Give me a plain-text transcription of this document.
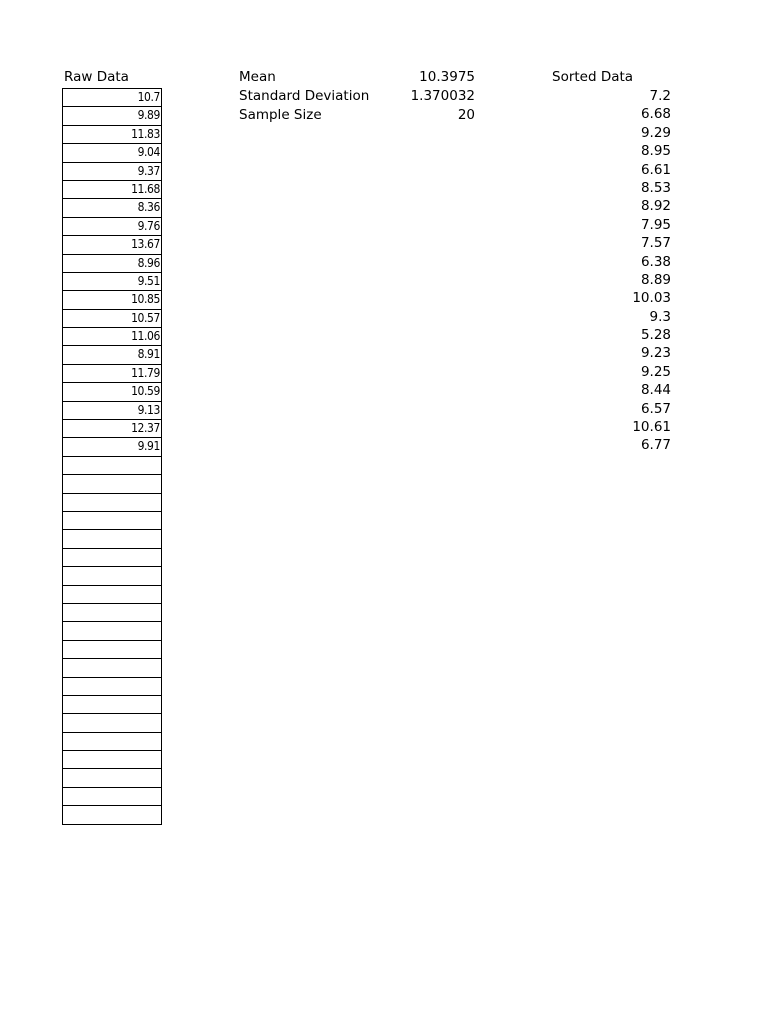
Raw Data
10.7
9.89
11.83
9.04
9.37
11.68
8.36
9.76
13.67
8.96
9.51
10.85
10.57
11.06
8.91
11.79
10.59
9.13
12.37
9.91
Mean	10.3975
Standard Deviation	1.370032
Sample Size	20
Sorted Data
7.2
6.68
9.29
8.95
6.61
8.53
8.92
7.95
7.57
6.38
8.89
10.03
9.3
5.28
9.23
9.25
8.44
6.57
10.61
6.77
